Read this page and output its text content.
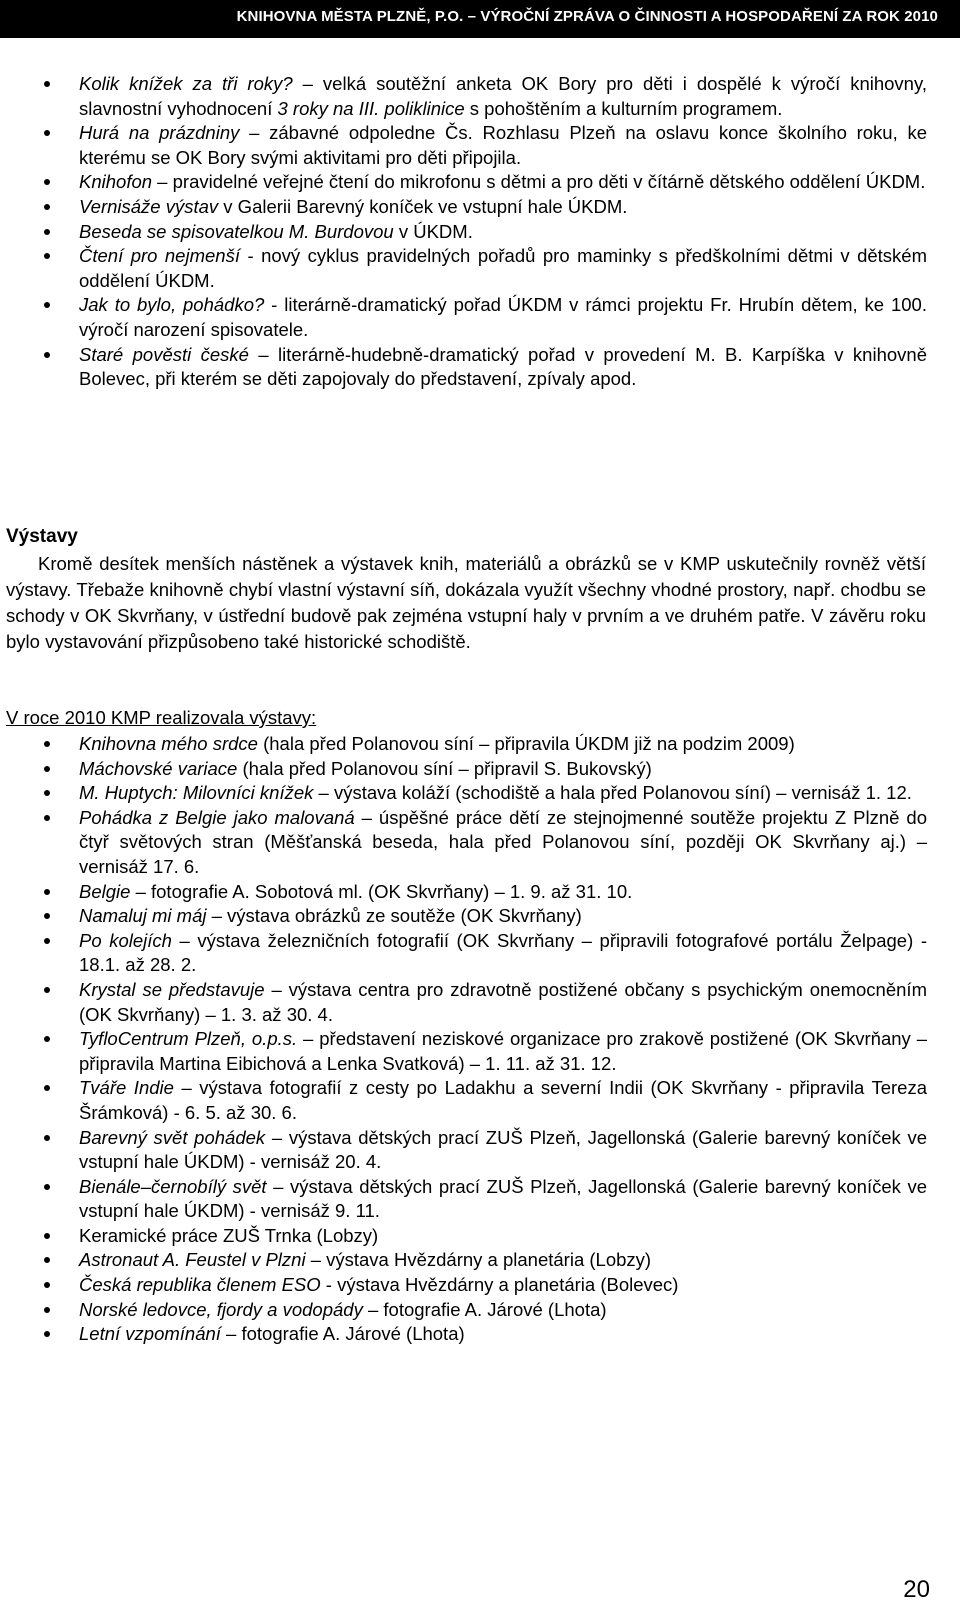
KNIHOVNA MĚSTA PLZNĚ, P.O. – VÝROČNÍ ZPRÁVA O ČINNOSTI A HOSPODAŘENÍ ZA ROK 2010
Kolik knížek za tři roky? – velká soutěžní anketa OK Bory pro děti i dospělé k výročí knihovny, slavnostní vyhodnocení 3 roky na III. poliklinice s pohoštěním a kulturním programem.
Hurá na prázdniny – zábavné odpoledne Čs. Rozhlasu Plzeň na oslavu konce školního roku, ke kterému se OK Bory svými aktivitami pro děti připojila.
Knihofon – pravidelné veřejné čtení do mikrofonu s dětmi a pro děti v čítárně dětského oddělení ÚKDM.
Vernisáže výstav v Galerii Barevný koníček ve vstupní hale ÚKDM.
Beseda se spisovatelkou M. Burdovou v ÚKDM.
Čtení pro nejmenší - nový cyklus pravidelných pořadů pro maminky s předškolními dětmi v dětském oddělení ÚKDM.
Jak to bylo, pohádko? - literárně-dramatický pořad ÚKDM v rámci projektu Fr. Hrubín dětem, ke 100. výročí narození spisovatele.
Staré pověsti české – literárně-hudebně-dramatický pořad v provedení M. B. Karpíška v knihovně Bolevec, při kterém se děti zapojovaly do představení, zpívaly apod.
Výstavy
Kromě desítek menších nástěnek a výstavek knih, materiálů a obrázků se v KMP uskutečnily rovněž větší výstavy. Třebaže knihovně chybí vlastní výstavní síň, dokázala využít všechny vhodné prostory, např. chodbu se schody v OK Skvrňany, v ústřední budově pak zejména vstupní haly v prvním a ve druhém patře. V závěru roku bylo vystavování přizpůsobeno také historické schodiště.
V roce 2010 KMP realizovala výstavy:
Knihovna mého srdce (hala před Polanovou síní – připravila ÚKDM již na podzim 2009)
Máchovské variace (hala před Polanovou síní – připravil S. Bukovský)
M. Huptych: Milovníci knížek – výstava koláží (schodiště a hala před Polanovou síní) – vernisáž 1. 12.
Pohádka z Belgie jako malovaná – úspěšné práce dětí ze stejnojmenné soutěže projektu Z Plzně do čtyř světových stran (Měšťanská beseda, hala před Polanovou síní, později OK Skvrňany aj.) – vernisáž 17. 6.
Belgie – fotografie A. Sobotová ml. (OK Skvrňany) – 1. 9. až 31. 10.
Namaluj mi máj – výstava obrázků ze soutěže (OK Skvrňany)
Po kolejích – výstava železničních fotografií (OK Skvrňany – připravili fotografové portálu Želpage) - 18.1. až 28. 2.
Krystal se představuje – výstava centra pro zdravotně postižené občany s psychickým onemocněním (OK Skvrňany) – 1. 3. až 30. 4.
TyfloCentrum Plzeň, o.p.s. – představení neziskové organizace pro zrakově postižené (OK Skvrňany – připravila Martina Eibichová a Lenka Svatková) – 1. 11. až 31. 12.
Tváře Indie – výstava fotografií z cesty po Ladakhu a severní Indii (OK Skvrňany - připravila Tereza Šrámková) - 6. 5. až 30. 6.
Barevný svět pohádek – výstava dětských prací ZUŠ Plzeň, Jagellonská (Galerie barevný koníček ve vstupní hale ÚKDM) - vernisáž 20. 4.
Bienále–černobílý svět – výstava dětských prací ZUŠ Plzeň, Jagellonská (Galerie barevný koníček ve vstupní hale ÚKDM) - vernisáž 9. 11.
Keramické práce ZUŠ Trnka (Lobzy)
Astronaut A. Feustel v Plzni – výstava Hvězdárny a planetária (Lobzy)
Česká republika členem ESO - výstava Hvězdárny a planetária (Bolevec)
Norské ledovce, fjordy a vodopády – fotografie A. Járové (Lhota)
Letní vzpomínání – fotografie A. Járové (Lhota)
20
